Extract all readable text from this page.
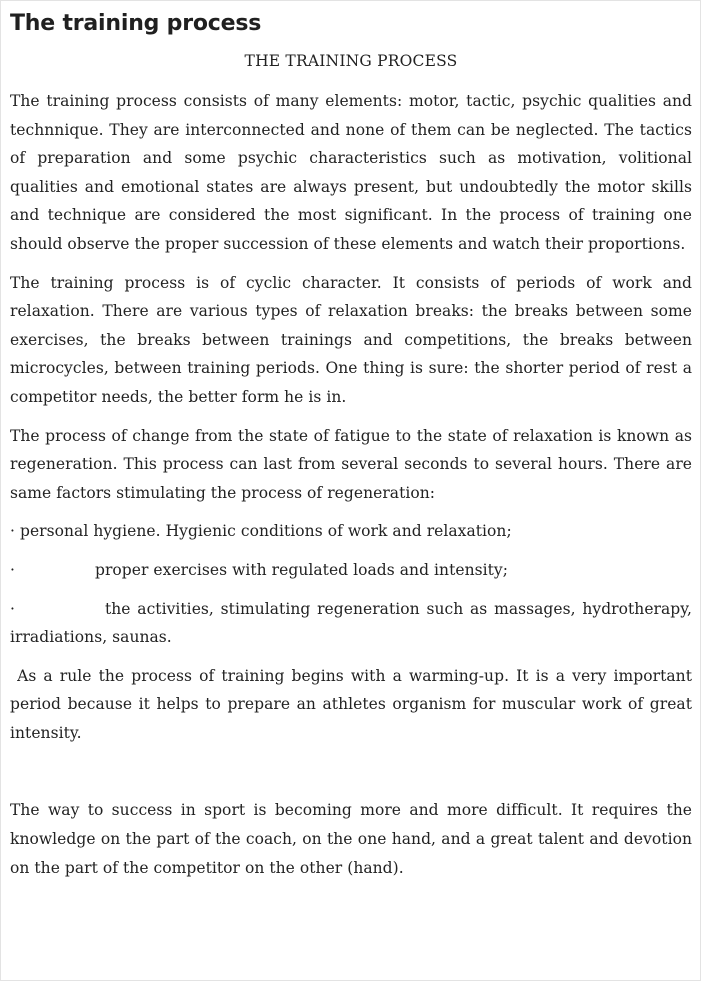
The training process
THE TRAINING PROCESS

The training process consists of many elements: motor, tactic, psychic qualities and technnique. They are interconnected and none of them can be neglected. The tactics of preparation and some psychic characteristics such as motivation, volitional qualities and emotional states are always present, but undoubtedly the motor skills and technique are considered the most significant. In the process of training one should observe the proper succession of these elements and watch their proportions.

The training process is of cyclic character. It consists of periods of work and relaxation. There are various types of relaxation breaks: the breaks between some exercises, the breaks between trainings and competitions, the breaks between microcycles, between training periods. One thing is sure: the shorter period of rest a competitor needs, the better form he is in.

The process of change from the state of fatigue to the state of relaxation is known as regeneration. This process can last from several seconds to several hours. There are same factors stimulating the process of regeneration:

· personal hygiene. Hygienic conditions of work and relaxation;

·	proper exercises with regulated loads and intensity;

·	the activities, stimulating regeneration such as massages, hydrotherapy, irradiations, saunas.

As a rule the process of training begins with a warming-up. It is a very important period because it helps to prepare an athletes organism for muscular work of great intensity.

The way to success in sport is becoming more and more difficult. It requires the knowledge on the part of the coach, on the one hand, and a great talent and devotion on the part of the competitor on the other (hand).
